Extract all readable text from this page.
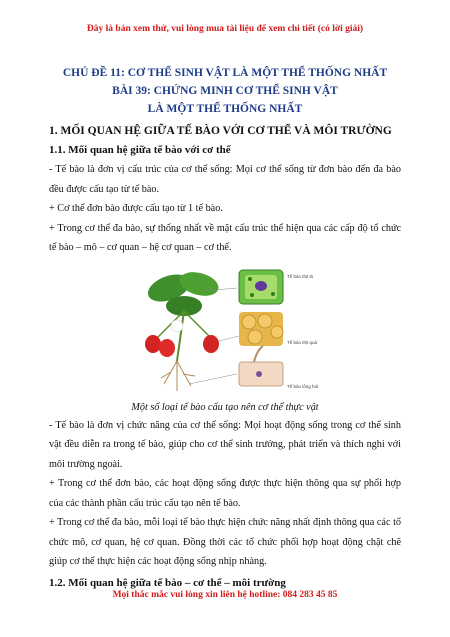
Đây là bản xem thử, vui lòng mua tài liệu để xem chi tiết (có lời giải)

CHỦ ĐỀ 11: CƠ THỂ SINH VẬT LÀ MỘT THỂ THỐNG NHẤT

BÀI 39: CHỨNG MINH CƠ THỂ SINH VẬT

LÀ MỘT THỂ THỐNG NHẤT

1. MỐI QUAN HỆ GIỮA TẾ BÀO VỚI CƠ THỂ VÀ MÔI TRƯỜNG
1.1. Mối quan hệ giữa tế bào với cơ thể

- Tế bào là đơn vị cấu trúc của cơ thể sống: Mọi cơ thể sống từ đơn bào đến đa bào đều được cấu tạo từ tế bào.

+ Cơ thể đơn bào được cấu tạo từ 1 tế bào.

+ Trong cơ thể đa bào, sự thống nhất về mặt cấu trúc thể hiện qua các cấp độ tổ chức tế bào – mô – cơ quan – hệ cơ quan – cơ thể.

Tế bào thịt lá
Tế bào thịt quả
Tế bào lông hút

Một số loại tế bào cấu tạo nên cơ thể thực vật

- Tế bào là đơn vị chức năng của cơ thể sống: Mọi hoạt động sống trong cơ thể sinh vật đều diễn ra trong tế bào, giúp cho cơ thể sinh trưởng, phát triển và thích nghi với môi trường ngoài.

+ Trong cơ thể đơn bào, các hoạt động sống được thực hiện thông qua sự phối hợp của các thành phần cấu trúc cấu tạo nên tế bào.

+ Trong cơ thể đa bào, mỗi loại tế bào thực hiện chức năng nhất định thông qua các tổ chức mô, cơ quan, hệ cơ quan. Đồng thời các tổ chức phối hợp hoạt động chặt chẽ giúp cơ thể thực hiện các hoạt động sống nhịp nhàng.

1.2. Mối quan hệ giữa tế bào – cơ thể – môi trường
Mọi thắc mắc vui lòng xin liên hệ hotline: 084 283 45 85
